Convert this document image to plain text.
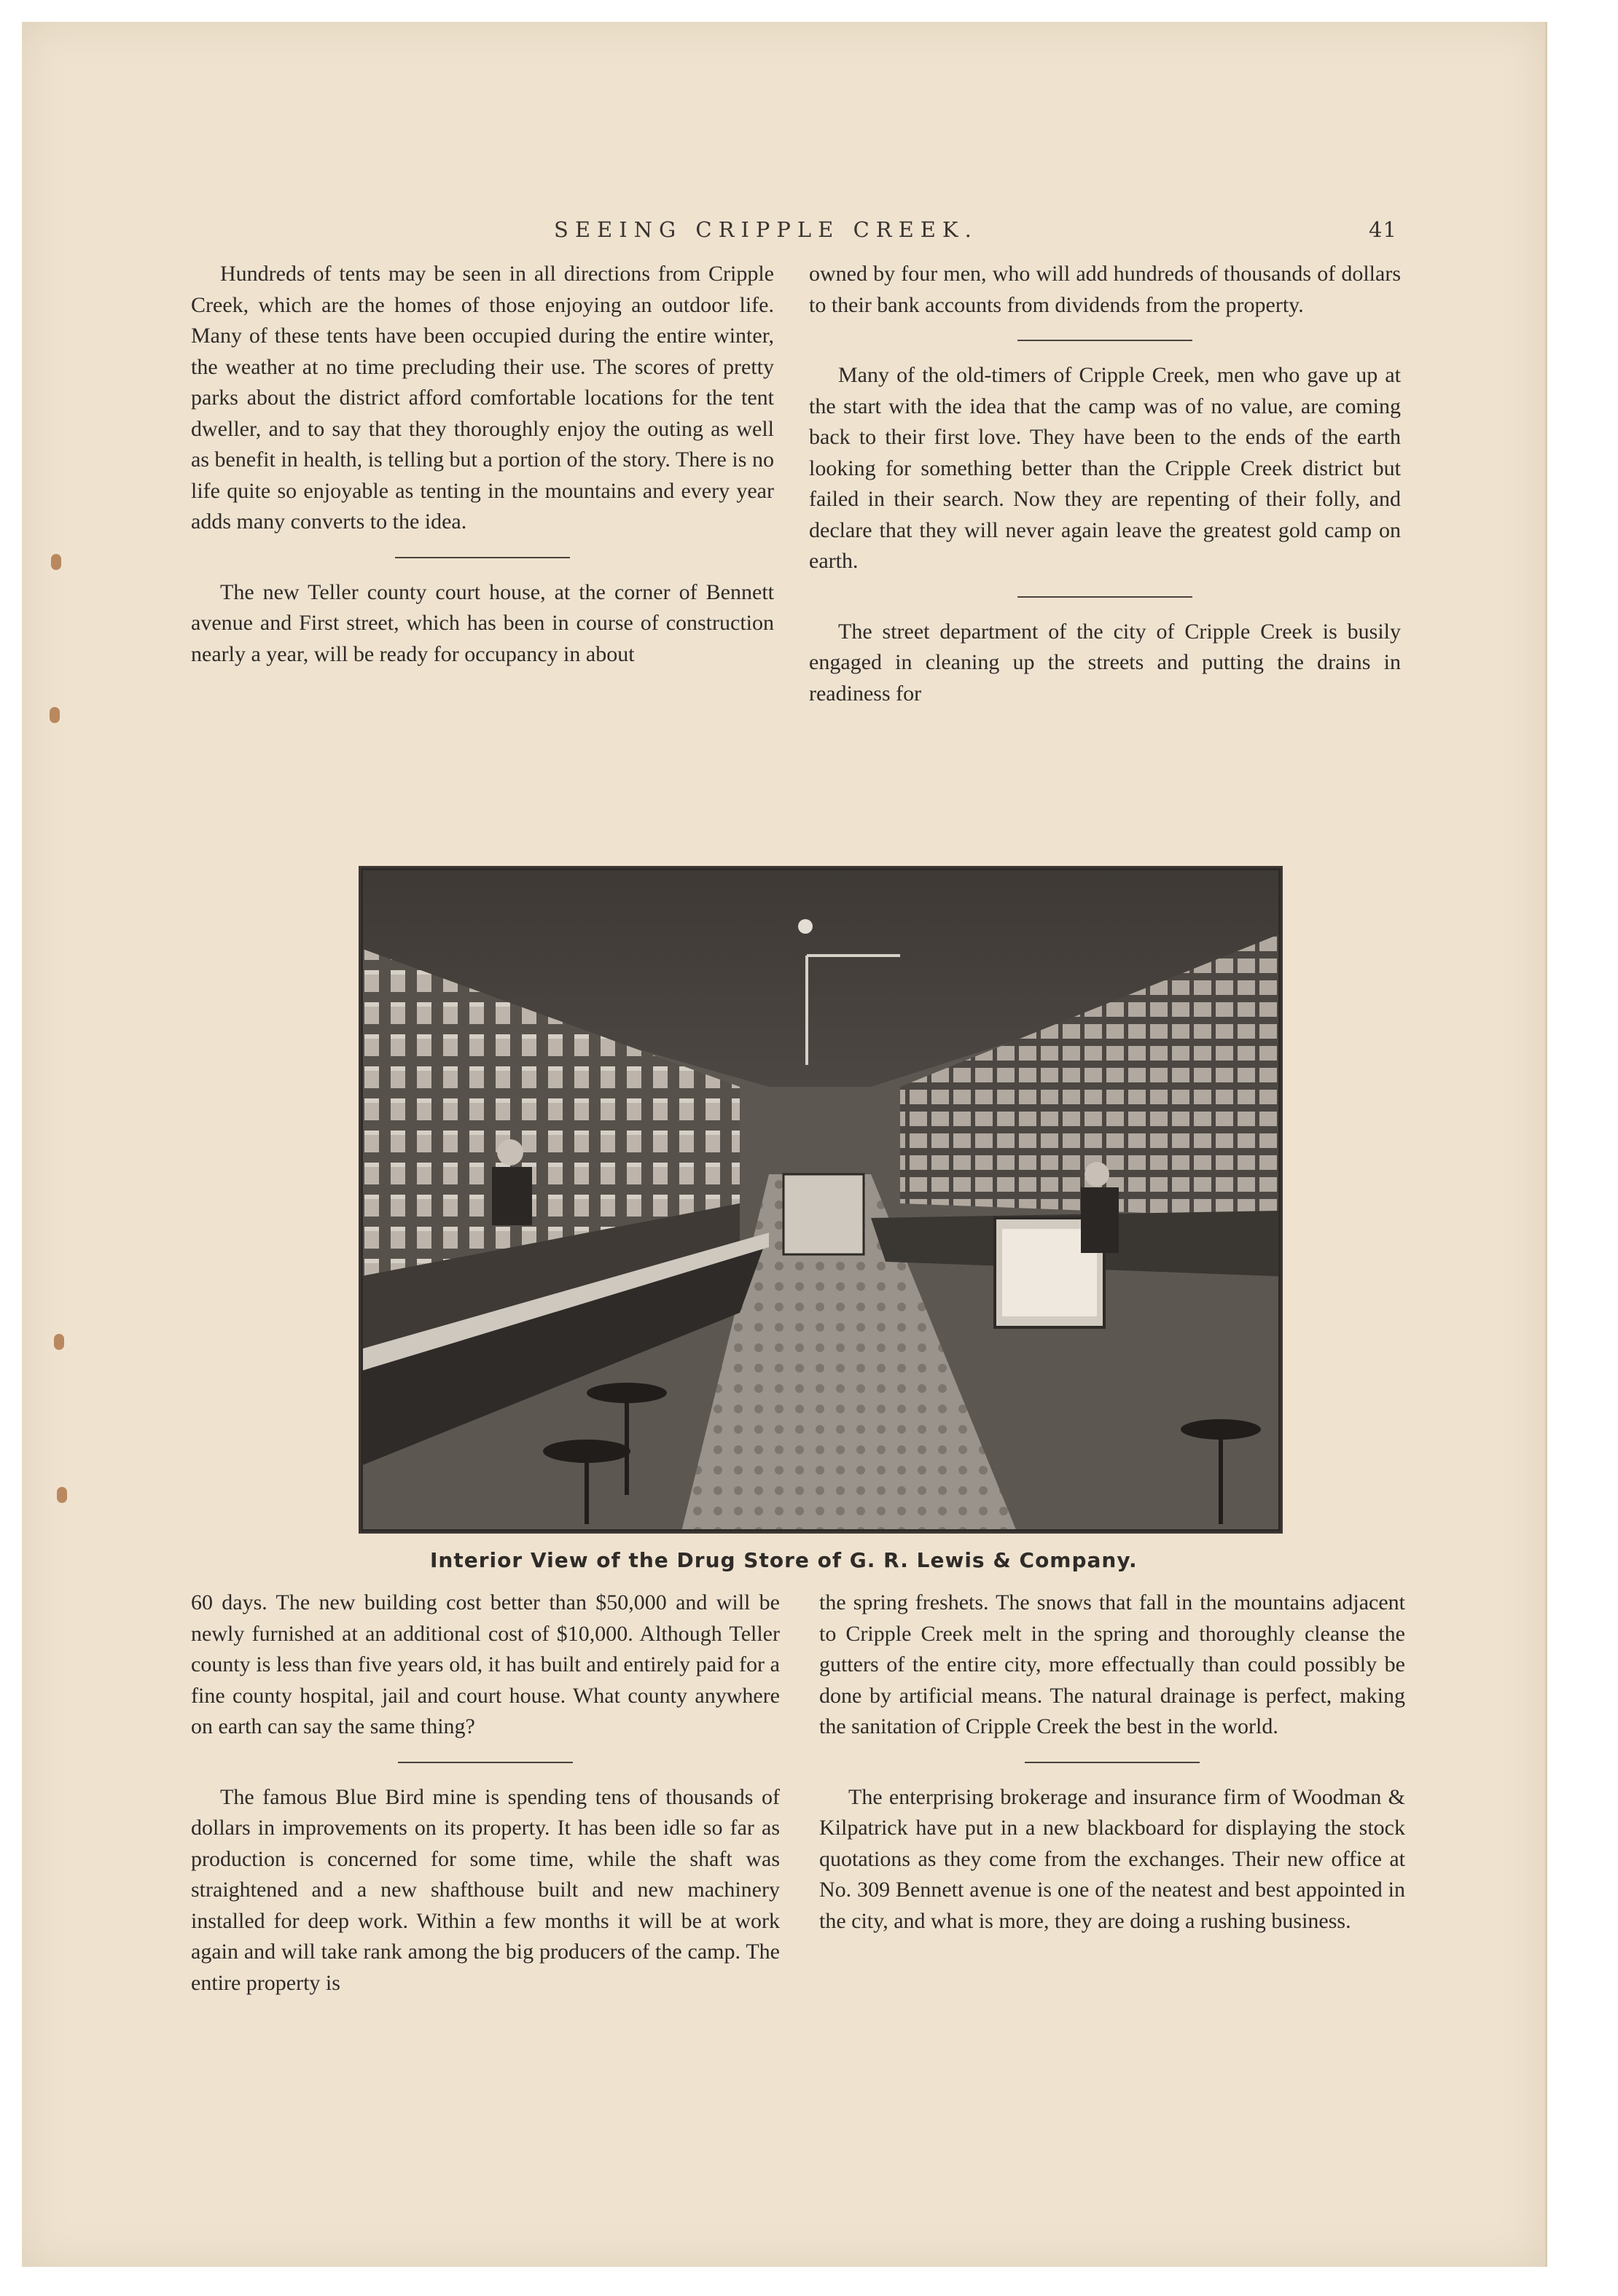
SEEING CRIPPLE CREEK.	41

Hundreds of tents may be seen in all directions from Cripple Creek, which are the homes of those enjoying an outdoor life. Many of these tents have been occupied during the entire winter, the weather at no time precluding their use. The scores of pretty parks about the district afford comfortable locations for the tent dweller, and to say that they thoroughly enjoy the outing as well as benefit in health, is telling but a portion of the story. There is no life quite so enjoyable as tenting in the mountains and every year adds many converts to the idea.

The new Teller county court house, at the corner of Bennett avenue and First street, which has been in course of construction nearly a year, will be ready for occupancy in about

owned by four men, who will add hundreds of thousands of dollars to their bank accounts from dividends from the property.

Many of the old-timers of Cripple Creek, men who gave up at the start with the idea that the camp was of no value, are coming back to their first love. They have been to the ends of the earth looking for something better than the Cripple Creek district but failed in their search. Now they are repenting of their folly, and declare that they will never again leave the greatest gold camp on earth.

The street department of the city of Cripple Creek is busily engaged in cleaning up the streets and putting the drains in readiness for

Interior View of the Drug Store of G. R. Lewis & Company.

60 days. The new building cost better than $50,000 and will be newly furnished at an additional cost of $10,000. Although Teller county is less than five years old, it has built and entirely paid for a fine county hospital, jail and court house. What county anywhere on earth can say the same thing?

The famous Blue Bird mine is spending tens of thousands of dollars in improvements on its property. It has been idle so far as production is concerned for some time, while the shaft was straightened and a new shafthouse built and new machinery installed for deep work. Within a few months it will be at work again and will take rank among the big producers of the camp. The entire property is

the spring freshets. The snows that fall in the mountains adjacent to Cripple Creek melt in the spring and thoroughly cleanse the gutters of the entire city, more effectually than could possibly be done by artificial means. The natural drainage is perfect, making the sanitation of Cripple Creek the best in the world.

The enterprising brokerage and insurance firm of Woodman & Kilpatrick have put in a new blackboard for displaying the stock quotations as they come from the exchanges. Their new office at No. 309 Bennett avenue is one of the neatest and best appointed in the city, and what is more, they are doing a rushing business.
